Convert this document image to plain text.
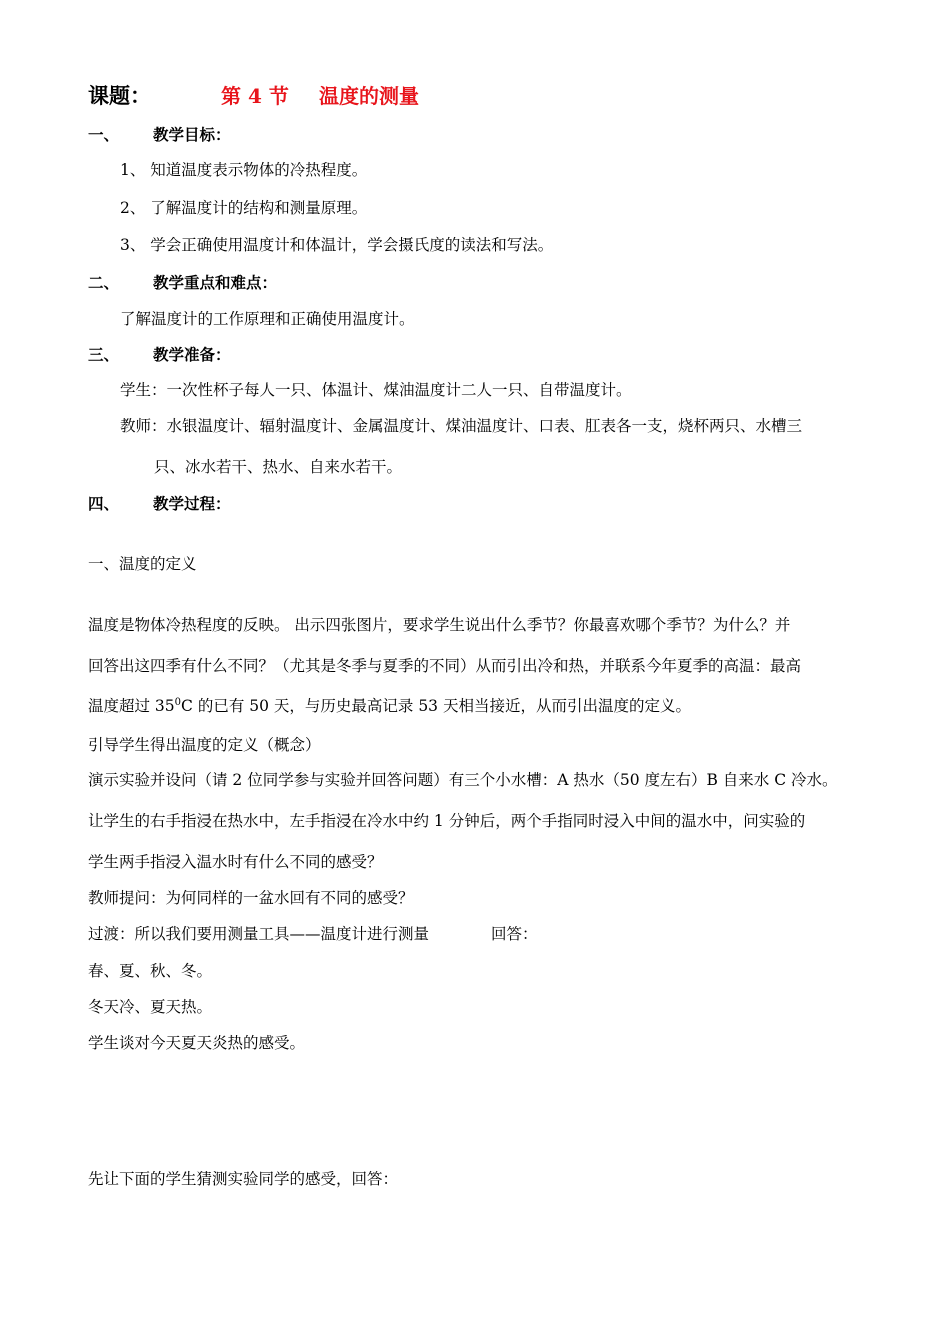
课题：	第 4 节 温度的测量
一、 教学目标：
1、 知道温度表示物体的冷热程度。
2、 了解温度计的结构和测量原理。
3、 学会正确使用温度计和体温计，学会摄氏度的读法和写法。
二、 教学重点和难点：
了解温度计的工作原理和正确使用温度计。
三、 教学准备：
学生：一次性杯子每人一只、体温计、煤油温度计二人一只、自带温度计。
教师：水银温度计、辐射温度计、金属温度计、煤油温度计、口表、肛表各一支，烧杯两只、水槽三
只、冰水若干、热水、自来水若干。
四、 教学过程：
一、温度的定义
温度是物体冷热程度的反映。 出示四张图片，要求学生说出什么季节？你最喜欢哪个季节？为什么？并
回答出这四季有什么不同？（尤其是冬季与夏季的不同）从而引出冷和热，并联系今年夏季的高温：最高
温度超过 $35^0C$ 的已有 50 天，与历史最高记录 53 天相当接近，从而引出温度的定义。
引导学生得出温度的定义（概念）
演示实验并设问（请 2 位同学参与实验并回答问题）有三个小水槽：A 热水（50 度左右）B 自来水 C 冷水。
让学生的右手指浸在热水中，左手指浸在冷水中约 1 分钟后，两个手指同时浸入中间的温水中，问实验的
学生两手指浸入温水时有什么不同的感受？
教师提问：为何同样的一盆水回有不同的感受？
过渡：所以我们要用测量工具——温度计进行测量	回答：
春、夏、秋、冬。
冬天冷、夏天热。
学生谈对今天夏天炎热的感受。
先让下面的学生猜测实验同学的感受，回答：
